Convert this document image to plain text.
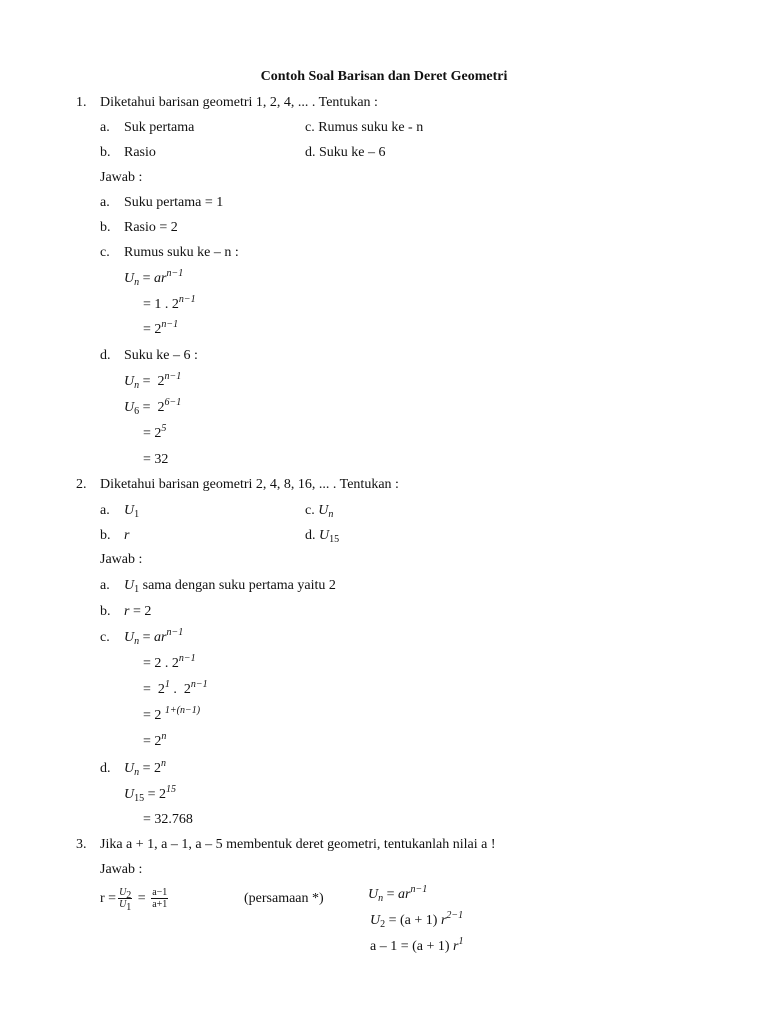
Contoh Soal Barisan dan Deret Geometri
1. Diketahui barisan geometri 1, 2, 4, ... . Tentukan :
a. Suk pertama	c. Rumus suku ke - n
b. Rasio	d. Suku ke – 6
Jawab :
a. Suku pertama = 1
b. Rasio = 2
c. Rumus suku ke – n :
$U_n = ar^{n-1}$
= 1 . $2^{n-1}$
= $2^{n-1}$
d. Suku ke – 6 :
$U_n = 2^{n-1}$
$U_6 = 2^{6-1}$
= $2^5$
= 32
2. Diketahui barisan geometri 2, 4, 8, 16, ... . Tentukan :
a. $U_1$	c. $U_n$
b. r	d. $U_{15}$
Jawab :
a. $U_1$ sama dengan suku pertama yaitu 2
b. r = 2
c. $U_n = ar^{n-1}$
= 2 . $2^{n-1}$
=  $2^1$ .  $2^{n-1}$
= 2 $^{1+(n-1)}$
= $2^n$
d. $U_n = 2^n$
$U_{15} = 2^{15}$
= 32.768
3. Jika a + 1, a – 1, a – 5 membentuk deret geometri, tentukanlah nilai a !
Jawab :
$r = \frac{U_2}{U_1} = \frac{a-1}{a+1}$	(persamaan *)	$U_n = ar^{n-1}$
$U_2 = (a + 1)$ $r^{2-1}$
a – 1 = (a + 1) $r^1$
